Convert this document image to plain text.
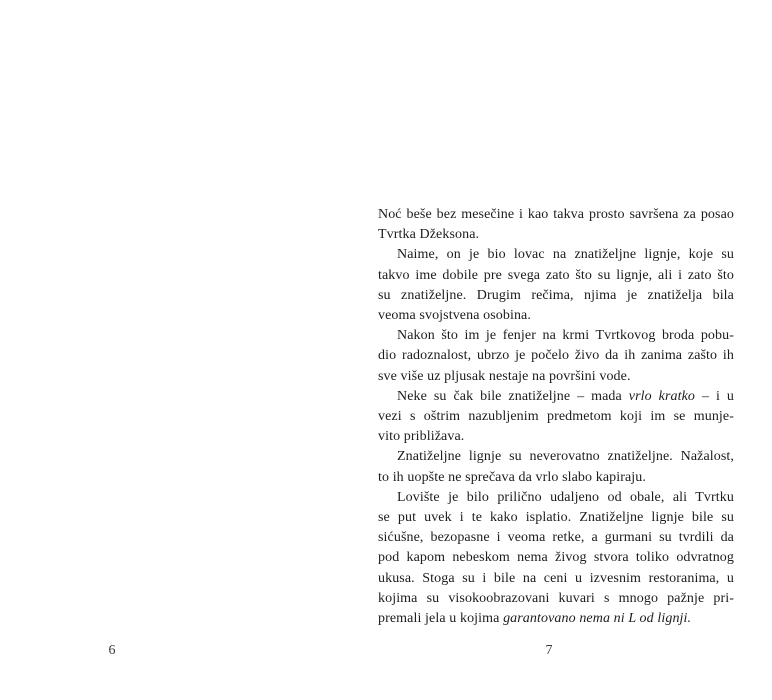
6
Noć beše bez mesečine i kao takva prosto savršena za posao
Tvrtka Džeksona.
Naime, on je bio lovac na znatiželjne lignje, koje su
takvo ime dobile pre svega zato što su lignje, ali i zato što
su znatiželjne. Drugim rečima, njima je znatiželja bila
veoma svojstvena osobina.
Nakon što im je fenjer na krmi Tvrtkovog broda pobu-
dio radoznalost, ubrzo je počelo živo da ih zanima zašto ih
sve više uz pljusak nestaje na površini vode.
Neke su čak bile znatiželjne – mada vrlo kratko – i u
vezi s oštrim nazubljenim predmetom koji im se munje-
vito približava.
Znatiželjne lignje su neverovatno znatiželjne. Nažalost,
to ih uopšte ne sprečava da vrlo slabo kapiraju.
Lovište je bilo prilično udaljeno od obale, ali Tvrtku
se put uvek i te kako isplatio. Znatiželjne lignje bile su
sićušne, bezopasne i veoma retke, a gurmani su tvrdili da
pod kapom nebeskom nema živog stvora toliko odvratnog
ukusa. Stoga su i bile na ceni u izvesnim restoranima, u
kojima su visokoobrazovani kuvari s mnogo pažnje pri-
premali jela u kojima garantovano nema ni L od lignji.
7
